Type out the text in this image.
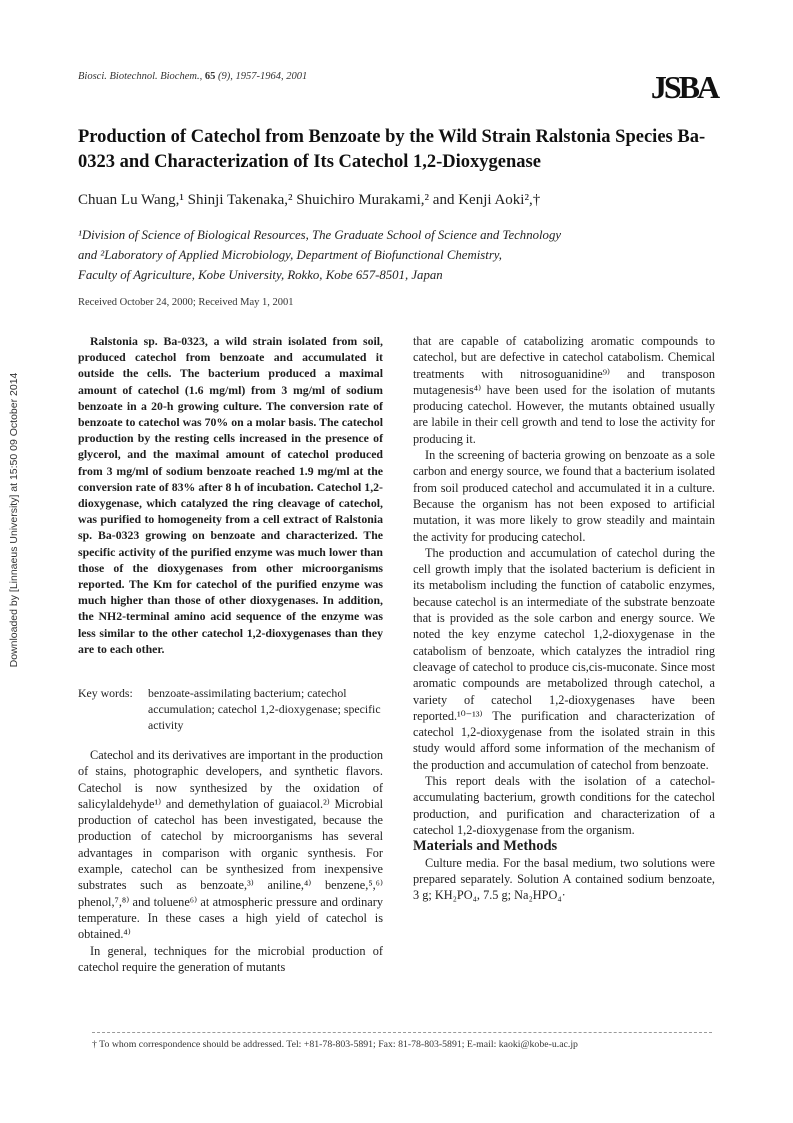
Biosci. Biotechnol. Biochem., 65 (9), 1957-1964, 2001	JSBA
Production of Catechol from Benzoate by the Wild Strain Ralstonia Species Ba-0323 and Characterization of Its Catechol 1,2-Dioxygenase
Chuan Lu Wang,¹ Shinji Takenaka,² Shuichiro Murakami,² and Kenji Aoki²,†
¹Division of Science of Biological Resources, The Graduate School of Science and Technology
and ²Laboratory of Applied Microbiology, Department of Biofunctional Chemistry,
Faculty of Agriculture, Kobe University, Rokko, Kobe 657-8501, Japan
Received October 24, 2000; Received May 1, 2001

Ralstonia sp. Ba-0323, a wild strain isolated from soil, produced catechol from benzoate and accumulated it outside the cells. The bacterium produced a maximal amount of catechol (1.6 mg/ml) from 3 mg/ml of sodium benzoate in a 20-h growing culture. The conversion rate of benzoate to catechol was 70% on a molar basis. The catechol production by the resting cells increased in the presence of glycerol, and the maximal amount of catechol produced from 3 mg/ml of sodium benzoate reached 1.9 mg/ml at the conversion rate of 83% after 8 h of incubation. Catechol 1,2-dioxygenase, which catalyzed the ring cleavage of catechol, was purified to homogeneity from a cell extract of Ralstonia sp. Ba-0323 growing on benzoate and characterized. The specific activity of the purified enzyme was much lower than those of the dioxygenases from other microorganisms reported. The Km for catechol of the purified enzyme was much higher than those of other dioxygenases. In addition, the NH2-terminal amino acid sequence of the enzyme was less similar to the other catechol 1,2-dioxygenases than they are to each other.

Key words:	benzoate-assimilating bacterium; catechol accumulation; catechol 1,2-dioxygenase; specific activity

Catechol and its derivatives are important in the production of stains, photographic developers, and synthetic flavors. Catechol is now synthesized by the oxidation of salicylaldehyde¹⁾ and demethylation of guaiacol.²⁾ Microbial production of catechol has been investigated, because the production of catechol by microorganisms has several advantages in comparison with organic synthesis. For example, catechol can be synthesized from inexpensive substrates such as benzoate,³⁾ aniline,⁴⁾ benzene,⁵,⁶⁾ phenol,⁷,⁸⁾ and toluene⁶⁾ at atmospheric pressure and ordinary temperature. In these cases a high yield of catechol is obtained.⁴⁾

In general, techniques for the microbial production of catechol require the generation of mutants

that are capable of catabolizing aromatic compounds to catechol, but are defective in catechol catabolism. Chemical treatments with nitrosoguanidine⁹⁾ and transposon mutagenesis⁴⁾ have been used for the isolation of mutants producing catechol. However, the mutants obtained usually are labile in their cell growth and tend to lose the activity for producing it.

In the screening of bacteria growing on benzoate as a sole carbon and energy source, we found that a bacterium isolated from soil produced catechol and accumulated it in a culture. Because the organism has not been exposed to artificial mutation, it was more likely to grow steadily and maintain the activity for producing catechol.

The production and accumulation of catechol during the cell growth imply that the isolated bacterium is deficient in its metabolism including the function of catabolic enzymes, because catechol is an intermediate of the substrate benzoate that is provided as the sole carbon and energy source. We noted the key enzyme catechol 1,2-dioxygenase in the catabolism of benzoate, which catalyzes the intradiol ring cleavage of catechol to produce cis,cis-muconate. Since most aromatic compounds are metabolized through catechol, a variety of catechol 1,2-dioxygenases have been reported.¹⁰⁻¹³⁾ The purification and characterization of catechol 1,2-dioxygenase from the isolated strain in this study would afford some information of the mechanism of the production and accumulation of catechol from benzoate.

This report deals with the isolation of a catechol-accumulating bacterium, growth conditions for the catechol production, and purification and characterization of a catechol 1,2-dioxygenase from the organism.

Materials and Methods

Culture media. For the basal medium, two solutions were prepared separately. Solution A contained sodium benzoate, 3 g; KH₂PO₄, 7.5 g; Na₂HPO₄·

† To whom correspondence should be addressed. Tel: +81-78-803-5891; Fax: 81-78-803-5891; E-mail: kaoki@kobe-u.ac.jp
Downloaded by [Linnaeus University] at 15:50 09 October 2014
